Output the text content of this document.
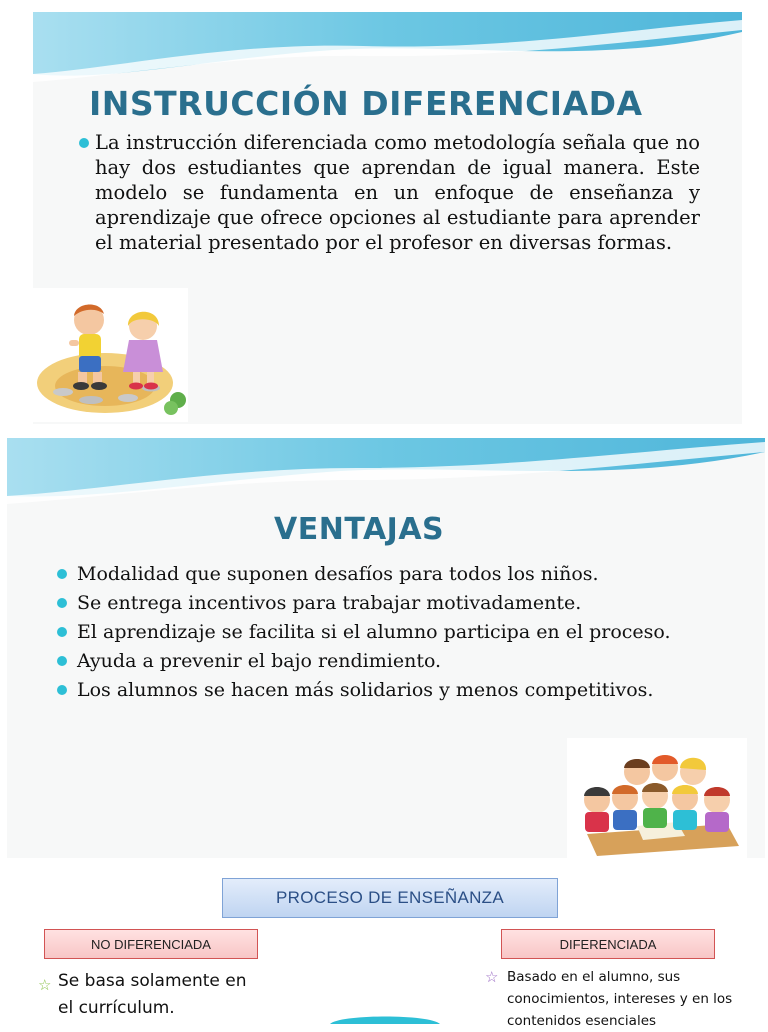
INSTRUCCIÓN DIFERENCIADA
La instrucción diferenciada como metodología señala que no hay dos estudiantes que aprendan de igual manera. Este modelo se fundamenta en un enfoque de enseñanza y aprendizaje que ofrece opciones al estudiante para aprender el material presentado por el profesor en diversas formas.
VENTAJAS
Modalidad que suponen desafíos para todos los niños.
Se entrega incentivos para trabajar motivadamente.
El aprendizaje se facilita si el alumno participa en el proceso.
Ayuda a prevenir el bajo rendimiento.
Los alumnos se hacen más solidarios y menos competitivos.
PROCESO DE ENSEÑANZA
NO DIFERENCIADA	DIFERENCIADA
☆ Se basa solamente en el currículum.
☆ Basado en el alumno, sus conocimientos, intereses y en los contenidos esenciales
